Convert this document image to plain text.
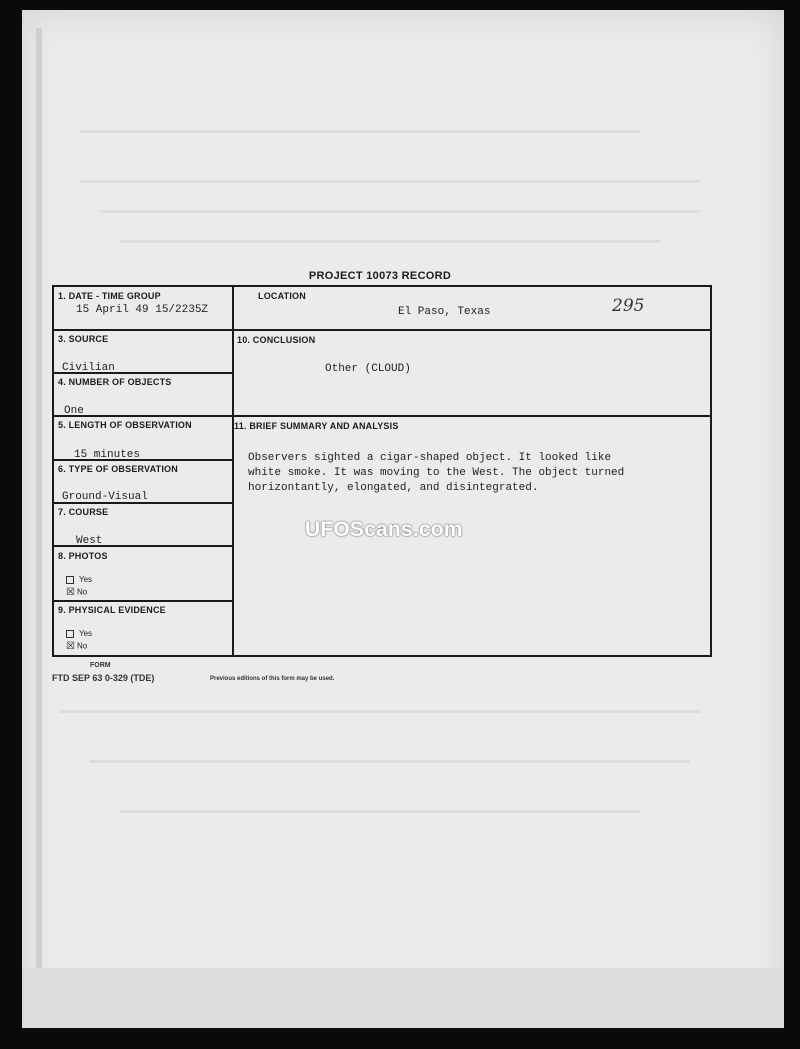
PROJECT 10073 RECORD
1. DATE - TIME GROUP
15 April 49 15/2235Z
LOCATION
El Paso, Texas	295
3. SOURCE
Civilian
10. CONCLUSION
Other (CLOUD)
4. NUMBER OF OBJECTS
One
5. LENGTH OF OBSERVATION
15 minutes
11. BRIEF SUMMARY AND ANALYSIS
Observers sighted a cigar-shaped object. It looked like
white smoke. It was moving to the West. The object turned
horizontantly, elongated, and disintegrated.
6. TYPE OF OBSERVATION
Ground-Visual
7. COURSE
West
8. PHOTOS
Yes
☒ No
9. PHYSICAL EVIDENCE
Yes
☒ No
UFOScans.com
FORM
FTD SEP 63 0-329 (TDE)	Previous editions of this form may be used.
